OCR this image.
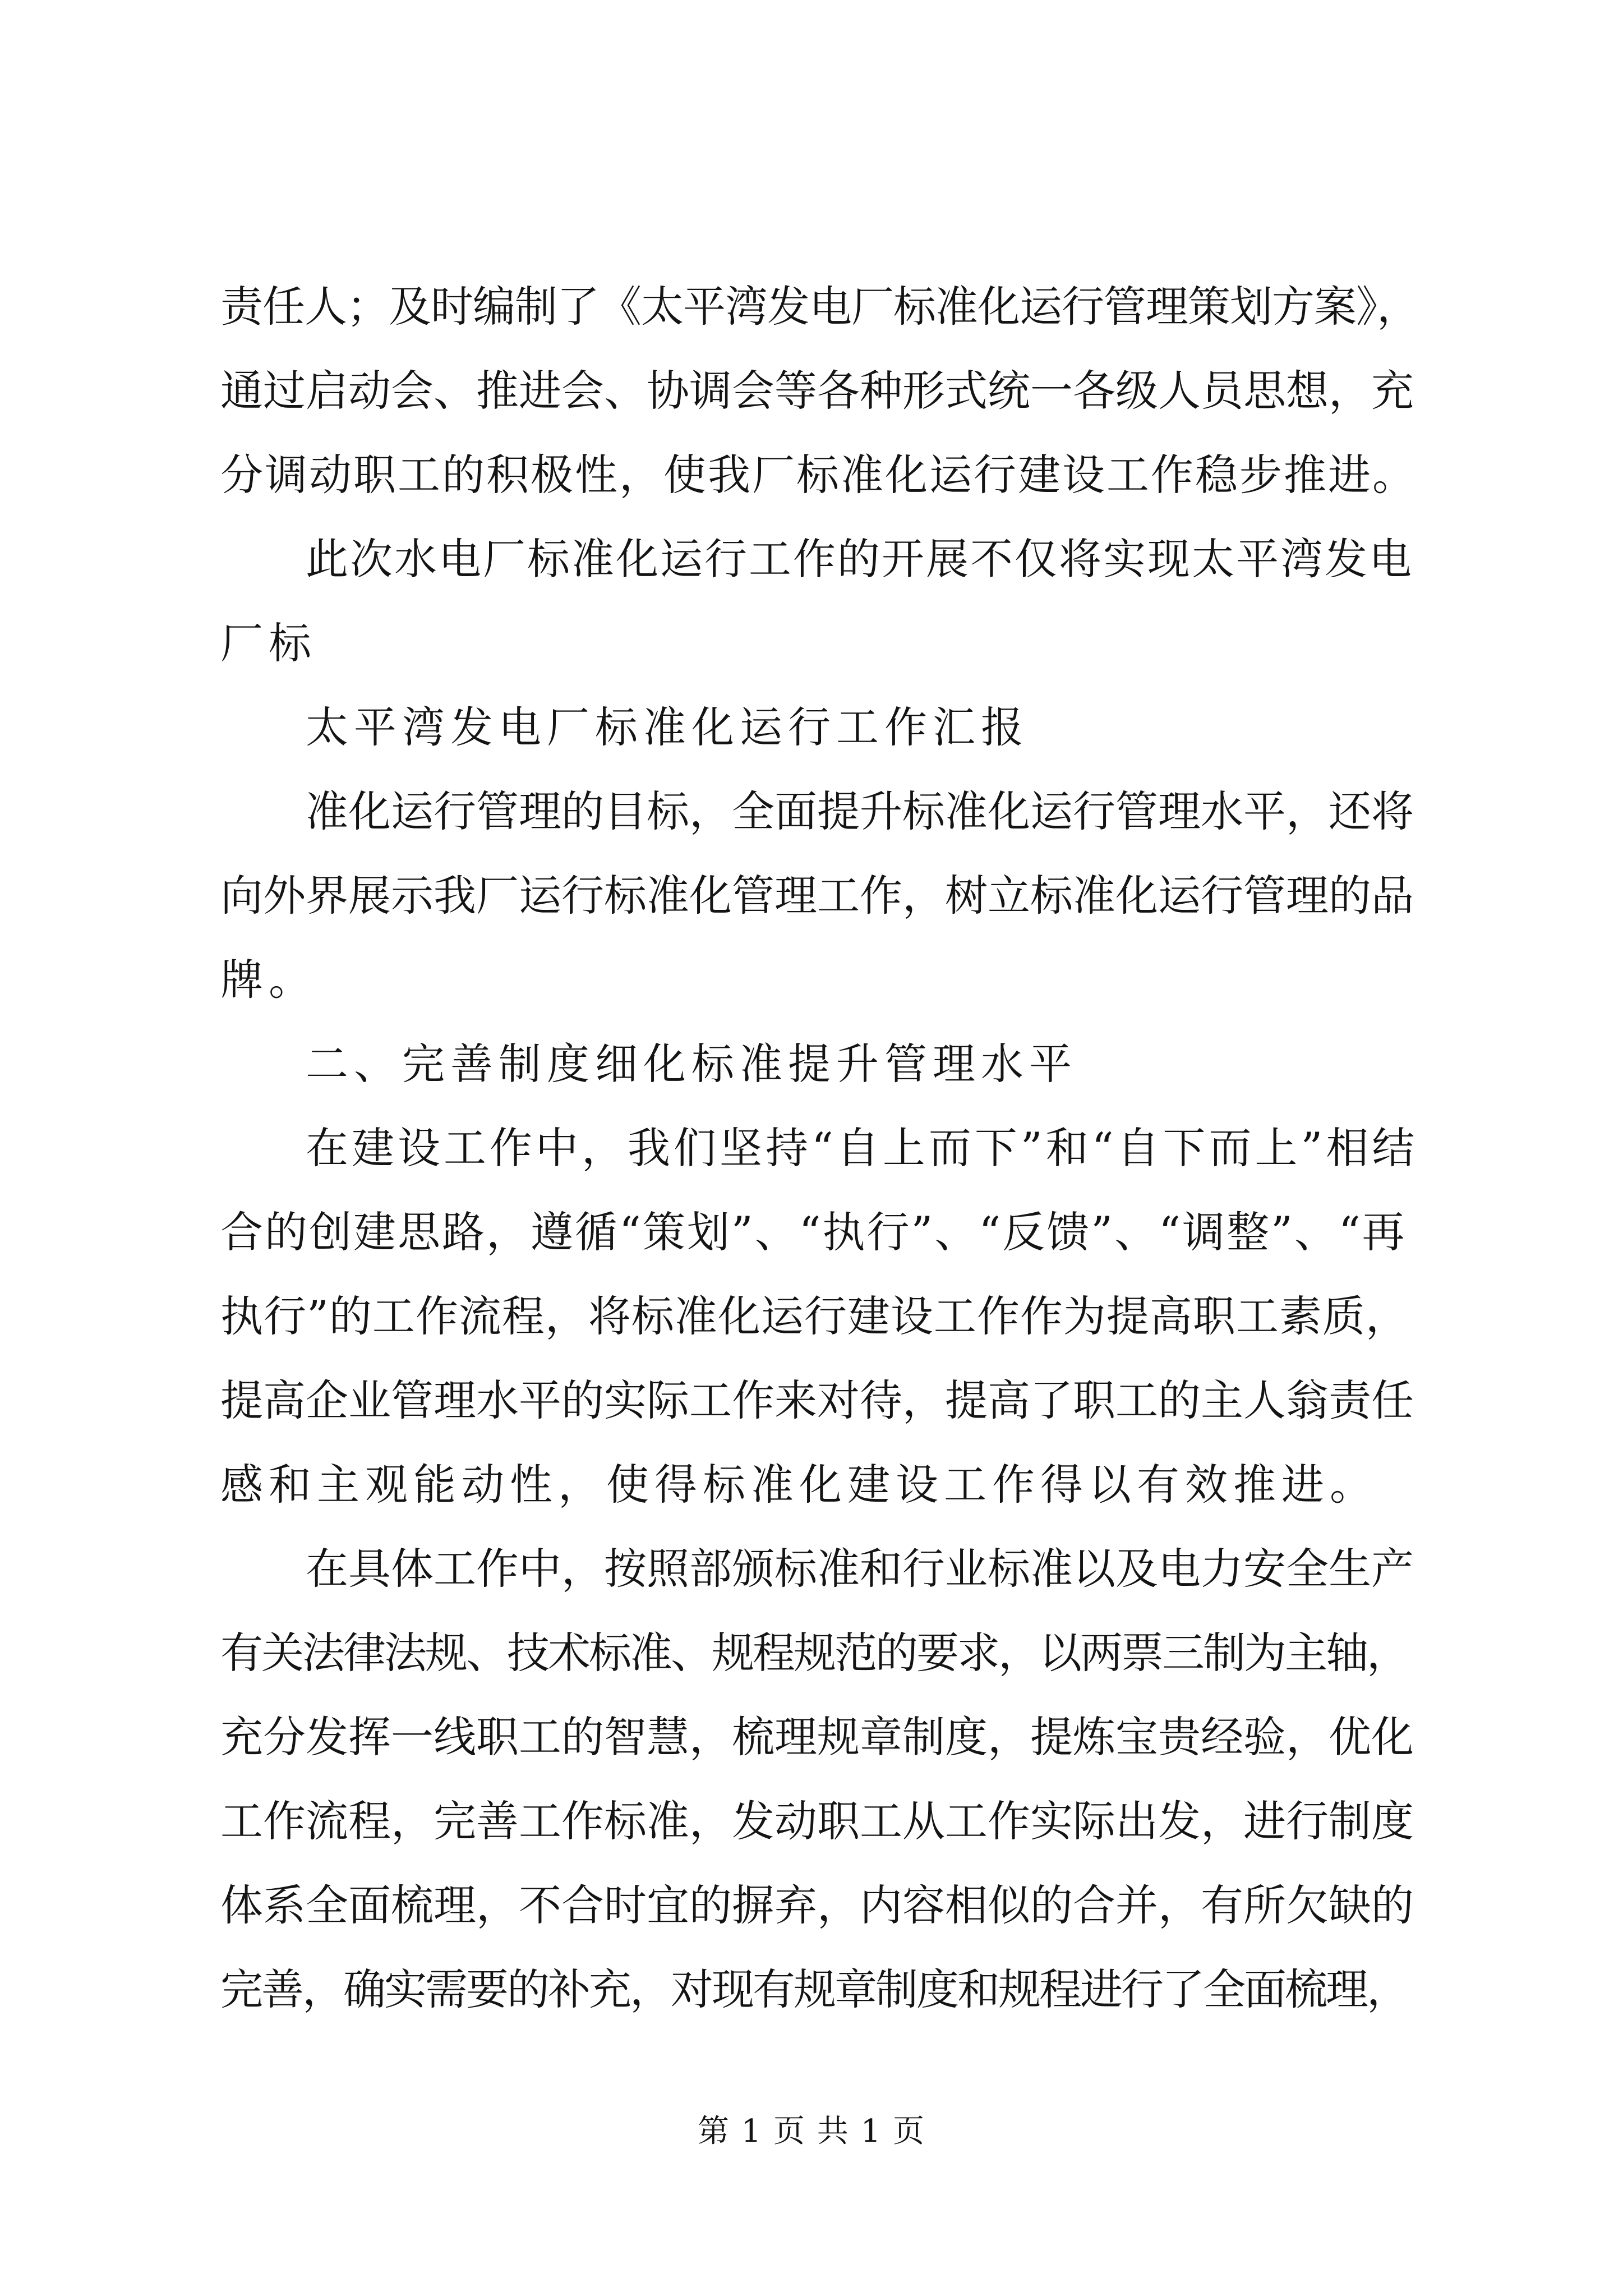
责任人；及时编制了《太平湾发电厂标准化运行管理策划方案》，
通过启动会、推进会、协调会等各种形式统一各级人员思想，充
分调动职工的积极性，使我厂标准化运行建设工作稳步推进。
此次水电厂标准化运行工作的开展不仅将实现太平湾发电
厂标
太平湾发电厂标准化运行工作汇报
准化运行管理的目标，全面提升标准化运行管理水平，还将
向外界展示我厂运行标准化管理工作，树立标准化运行管理的品
牌。
二、完善制度细化标准提升管理水平
在建设工作中，我们坚持“自上而下”和“自下而上”相结
合的创建思路，遵循“策划”、“执行”、“反馈”、“调整”、“再
执行”的工作流程，将标准化运行建设工作作为提高职工素质，
提高企业管理水平的实际工作来对待，提高了职工的主人翁责任
感和主观能动性，使得标准化建设工作得以有效推进。
在具体工作中，按照部颁标准和行业标准以及电力安全生产
有关法律法规、技术标准、规程规范的要求，以两票三制为主轴，
充分发挥一线职工的智慧，梳理规章制度，提炼宝贵经验，优化
工作流程，完善工作标准，发动职工从工作实际出发，进行制度
体系全面梳理，不合时宜的摒弃，内容相似的合并，有所欠缺的
完善，确实需要的补充，对现有规章制度和规程进行了全面梳理，
第 1 页 共 1 页
